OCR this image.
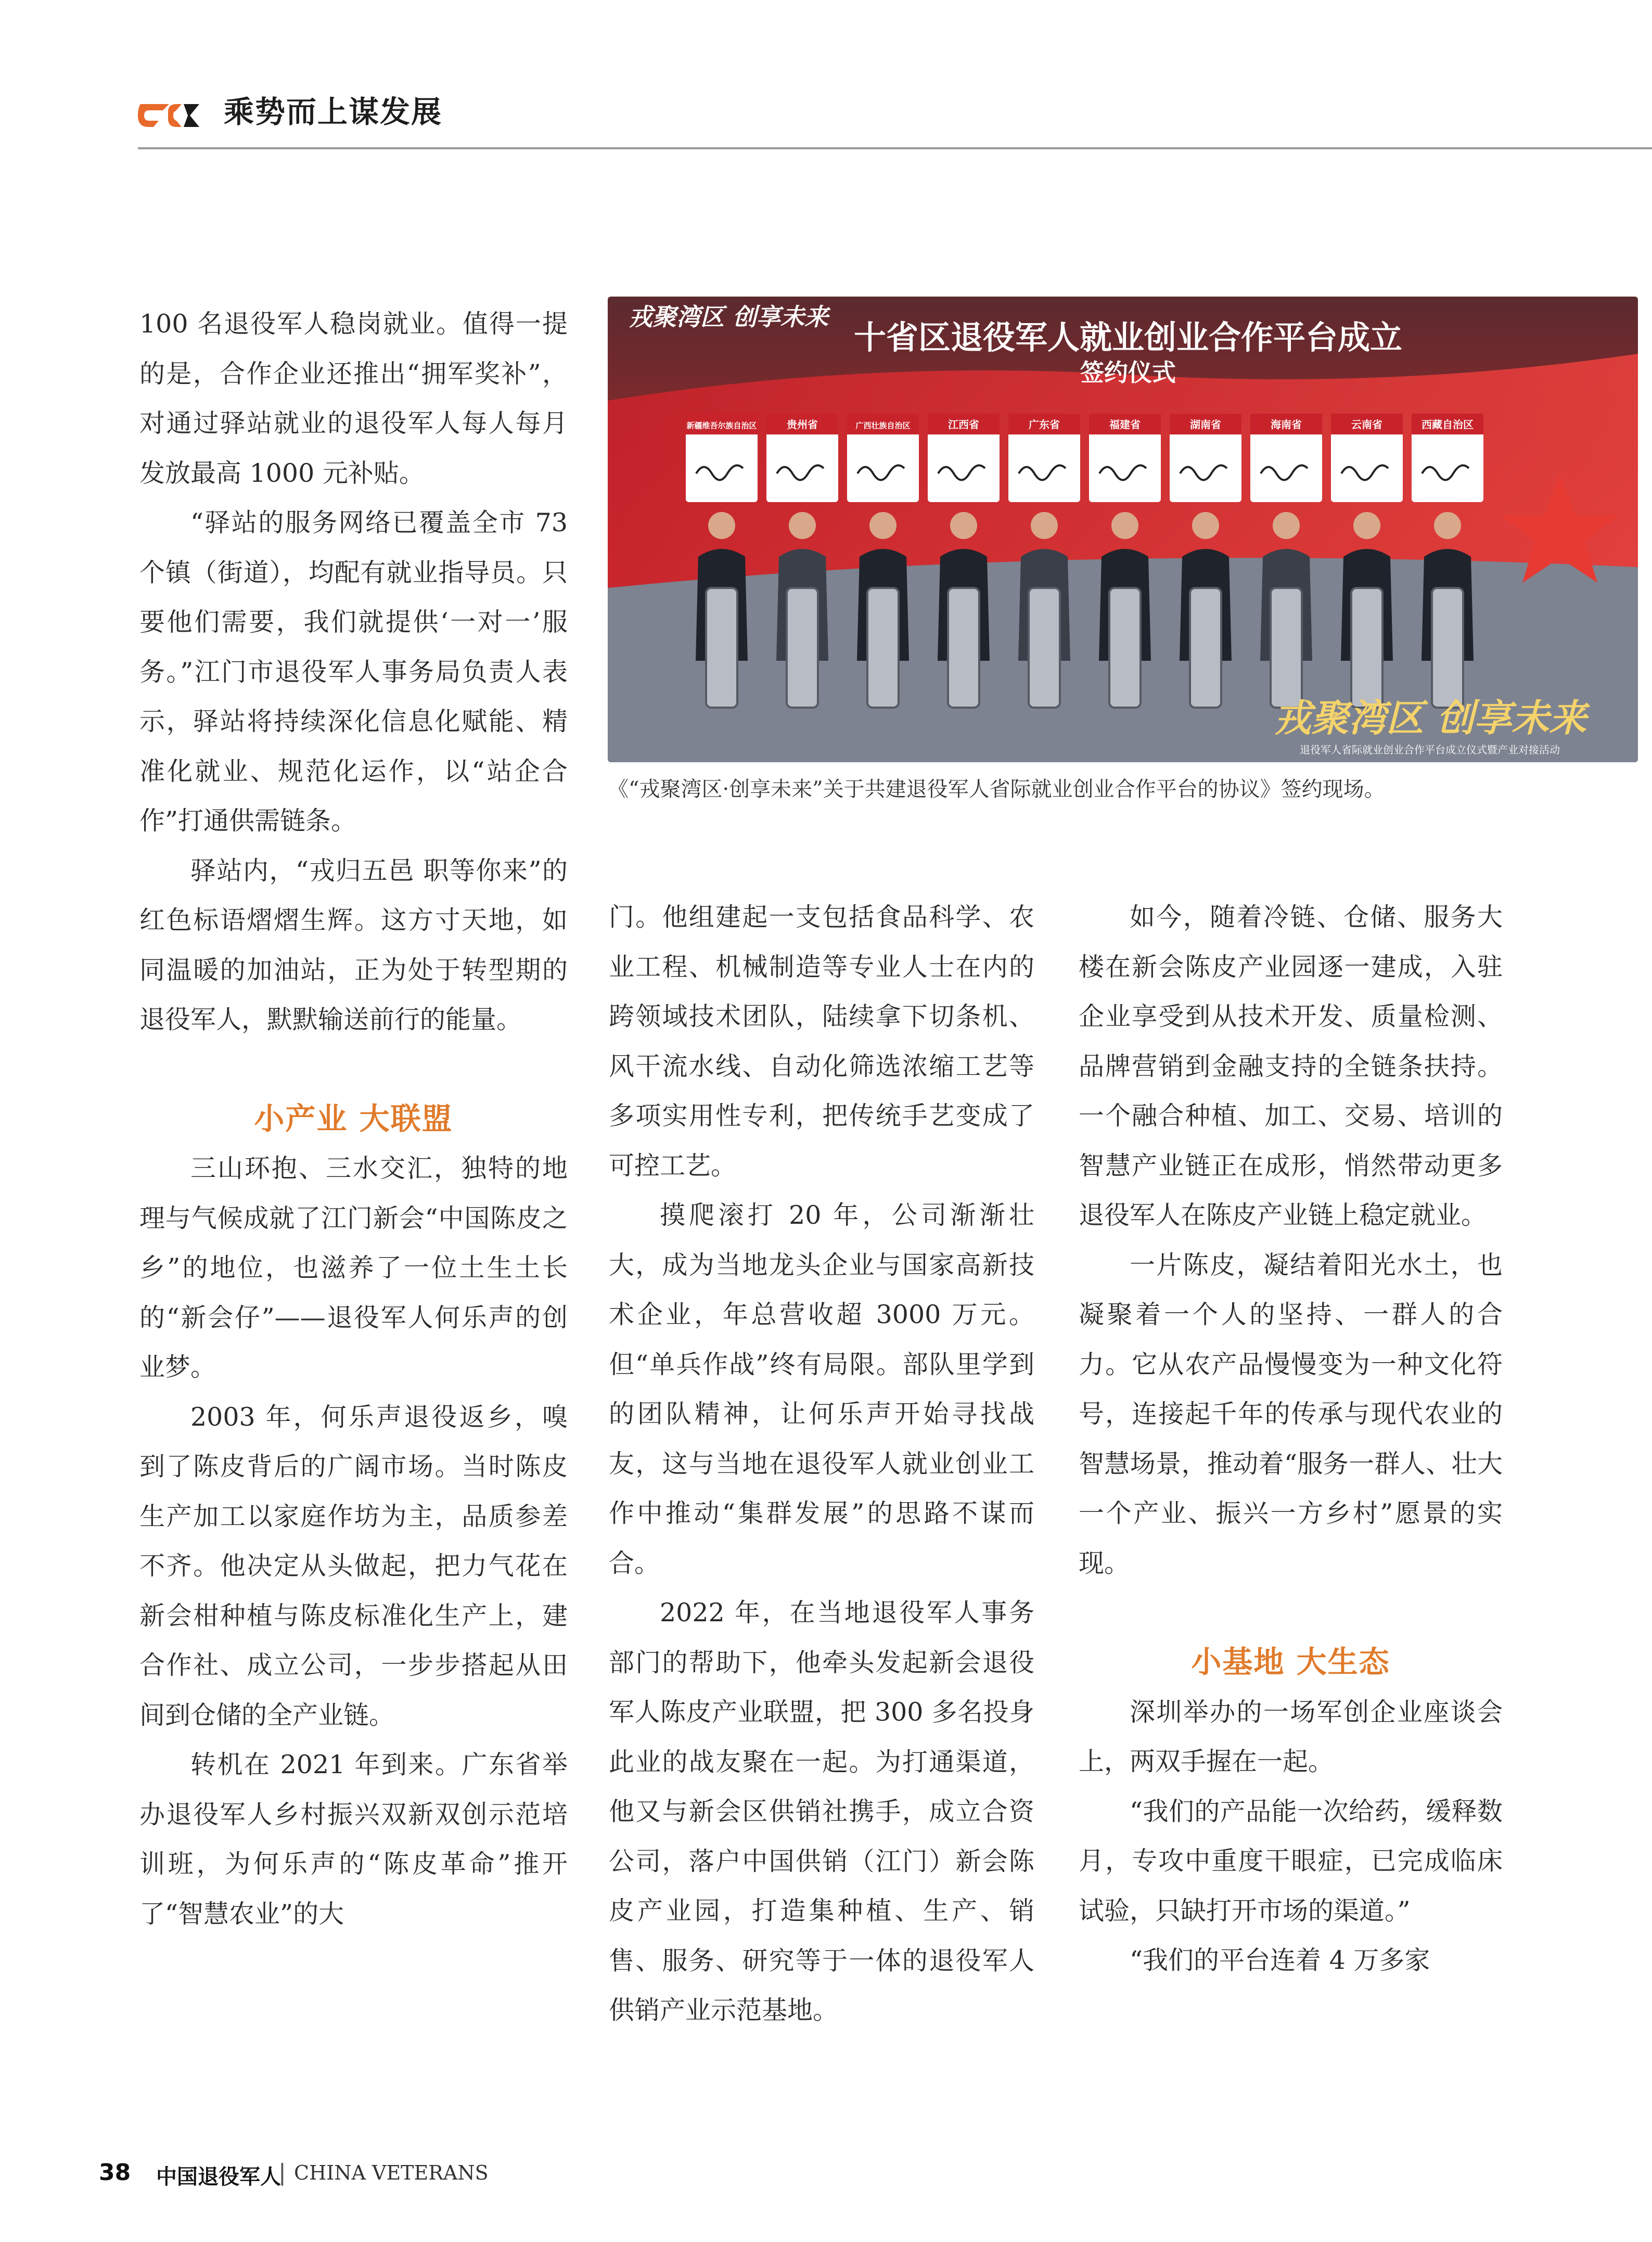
乘势而上谋发展
戎聚湾区 创享未来
十省区退役军人就业创业合作平台成立
签约仪式
新疆维吾尔族自治区	贵州省	广西壮族自治区	江西省	广东省	福建省	湖南省	海南省	云南省	西藏自治区
戎聚湾区 创享未来
退役军人省际就业创业合作平台成立仪式暨产业对接活动
《“戎聚湾区·创享未来”关于共建退役军人省际就业创业合作平台的协议》签约现场。

100 名退役军人稳岗就业。值得一提的是，合作企业还推出“拥军奖补”，对通过驿站就业的退役军人每人每月发放最高 1000 元补贴。

“驿站的服务网络已覆盖全市 73 个镇（街道），均配有就业指导员。只要他们需要，我们就提供‘一对一’服务。”江门市退役军人事务局负责人表示，驿站将持续深化信息化赋能、精准化就业、规范化运作，以“站企合作”打通供需链条。

驿站内，“戎归五邑 职等你来”的红色标语熠熠生辉。这方寸天地，如同温暖的加油站，正为处于转型期的退役军人，默默输送前行的能量。

小产业 大联盟

三山环抱、三水交汇，独特的地理与气候成就了江门新会“中国陈皮之乡”的地位，也滋养了一位土生土长的“新会仔”——退役军人何乐声的创业梦。

2003 年，何乐声退役返乡，嗅到了陈皮背后的广阔市场。当时陈皮生产加工以家庭作坊为主，品质参差不齐。他决定从头做起，把力气花在新会柑种植与陈皮标准化生产上，建合作社、成立公司，一步步搭起从田间到仓储的全产业链。

转机在 2021 年到来。广东省举办退役军人乡村振兴双新双创示范培训班，为何乐声的“陈皮革命”推开了“智慧农业”的大

门。他组建起一支包括食品科学、农业工程、机械制造等专业人士在内的跨领域技术团队，陆续拿下切条机、风干流水线、自动化筛选浓缩工艺等多项实用性专利，把传统手艺变成了可控工艺。

摸爬滚打 20 年，公司渐渐壮大，成为当地龙头企业与国家高新技术企业，年总营收超 3000 万元。但“单兵作战”终有局限。部队里学到的团队精神，让何乐声开始寻找战友，这与当地在退役军人就业创业工作中推动“集群发展”的思路不谋而合。

2022 年，在当地退役军人事务部门的帮助下，他牵头发起新会退役军人陈皮产业联盟，把 300 多名投身此业的战友聚在一起。为打通渠道，他又与新会区供销社携手，成立合资公司，落户中国供销（江门）新会陈皮产业园，打造集种植、生产、销售、服务、研究等于一体的退役军人供销产业示范基地。

如今，随着冷链、仓储、服务大楼在新会陈皮产业园逐一建成，入驻企业享受到从技术开发、质量检测、品牌营销到金融支持的全链条扶持。一个融合种植、加工、交易、培训的智慧产业链正在成形，悄然带动更多退役军人在陈皮产业链上稳定就业。

一片陈皮，凝结着阳光水土，也凝聚着一个人的坚持、一群人的合力。它从农产品慢慢变为一种文化符号，连接起千年的传承与现代农业的智慧场景，推动着“服务一群人、壮大一个产业、振兴一方乡村”愿景的实现。

小基地 大生态

深圳举办的一场军创企业座谈会上，两双手握在一起。

“我们的产品能一次给药，缓释数月，专攻中重度干眼症，已完成临床试验，只缺打开市场的渠道。”

“我们的平台连着 4 万多家

38 中国退役军人
| CHINA VETERANS
